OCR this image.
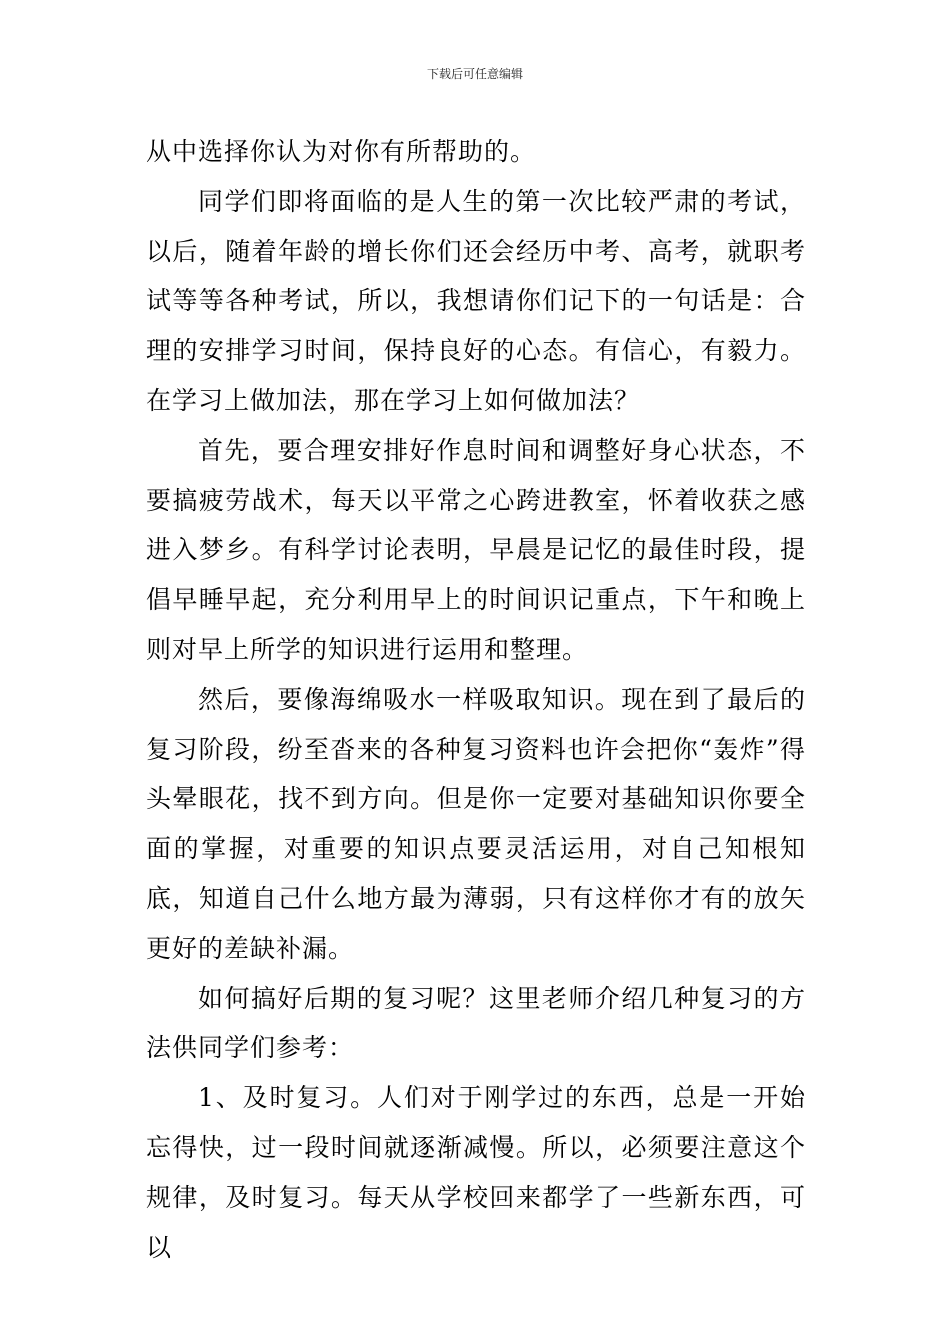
下载后可任意编辑

从中选择你认为对你有所帮助的。

同学们即将面临的是人生的第一次比较严肃的考试，以后，随着年龄的增长你们还会经历中考、高考，就职考试等等各种考试，所以，我想请你们记下的一句话是：合理的安排学习时间，保持良好的心态。有信心，有毅力。在学习上做加法，那在学习上如何做加法？

首先，要合理安排好作息时间和调整好身心状态，不要搞疲劳战术，每天以平常之心跨进教室，怀着收获之感进入梦乡。有科学讨论表明，早晨是记忆的最佳时段，提倡早睡早起，充分利用早上的时间识记重点，下午和晚上则对早上所学的知识进行运用和整理。

然后，要像海绵吸水一样吸取知识。现在到了最后的复习阶段，纷至沓来的各种复习资料也许会把你“轰炸”得头晕眼花，找不到方向。但是你一定要对基础知识你要全面的掌握，对重要的知识点要灵活运用，对自己知根知底，知道自己什么地方最为薄弱，只有这样你才有的放矢更好的差缺补漏。

如何搞好后期的复习呢？这里老师介绍几种复习的方法供同学们参考：

1、及时复习。人们对于刚学过的东西，总是一开始忘得快，过一段时间就逐渐减慢。所以，必须要注意这个规律，及时复习。每天从学校回来都学了一些新东西，可以
